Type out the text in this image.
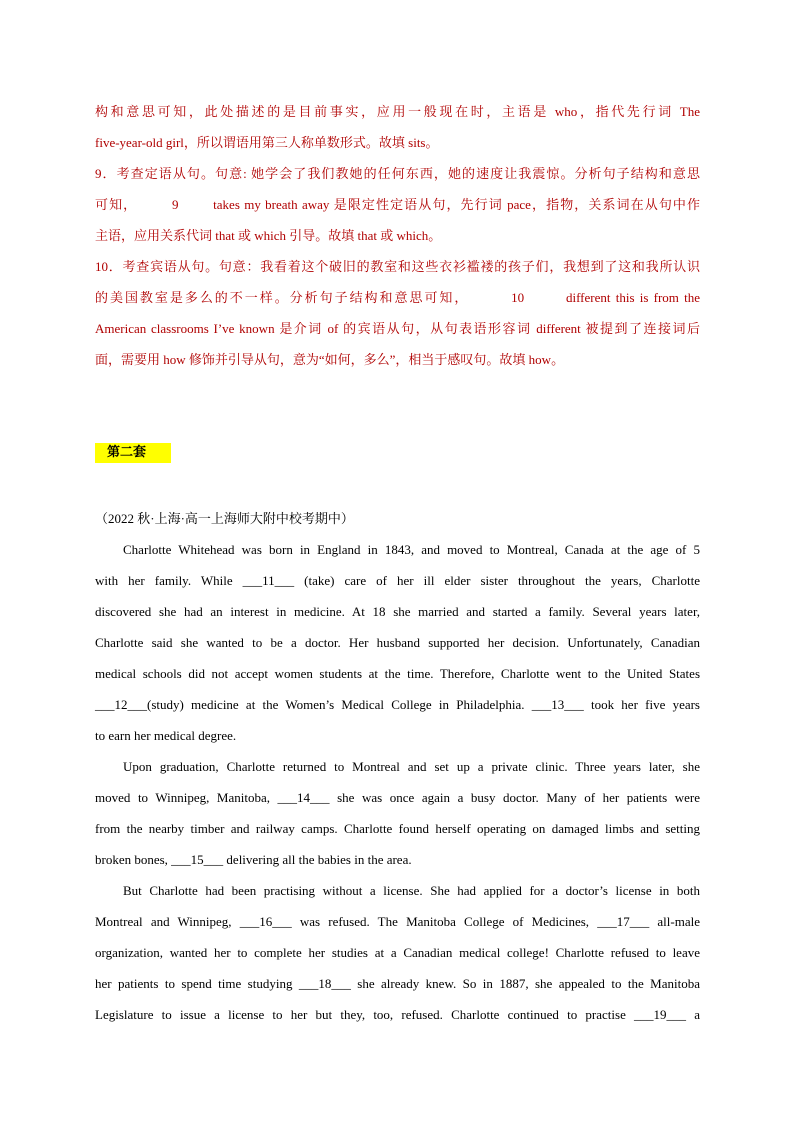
构和意思可知，此处描述的是目前事实，应用一般现在时，主语是 who，指代先行词 The
five-year-old girl，所以谓语用第三人称单数形式。故填 sits。
9．考查定语从句。句意: 她学会了我们教她的任何东西，她的速度让我震惊。分析句子结构和意思
可知，        9        takes my breath away 是限定性定语从句，先行词 pace，指物，关系词在从句中作
主语，应用关系代词 that 或 which 引导。故填 that 或 which。
10．考查宾语从句。句意：我看着这个破旧的教室和这些衣衫褴褛的孩子们，我想到了这和我所认识
的美国教室是多么的不一样。分析句子结构和意思可知，        10        different this is from the
American classrooms I’ve known 是介词 of 的宾语从句，从句表语形容词 different 被提到了连接词后
面，需要用 how 修饰并引导从句，意为“如何，多么”，相当于感叹句。故填 how。
第二套
（2022 秋·上海·高一上海师大附中校考期中）
Charlotte Whitehead was born in England in 1843, and moved to Montreal, Canada at the age of 5
with her family. While ___11___ (take) care of her ill elder sister throughout the years, Charlotte
discovered she had an interest in medicine. At 18 she married and started a family. Several years later,
Charlotte said she wanted to be a doctor. Her husband supported her decision. Unfortunately, Canadian
medical schools did not accept women students at the time. Therefore, Charlotte went to the United States
___12___(study) medicine at the Women’s Medical College in Philadelphia. ___13___ took her five years
to earn her medical degree.
Upon graduation, Charlotte returned to Montreal and set up a private clinic. Three years later, she
moved to Winnipeg, Manitoba, ___14___ she was once again a busy doctor. Many of her patients were
from the nearby timber and railway camps. Charlotte found herself operating on damaged limbs and setting
broken bones, ___15___ delivering all the babies in the area.
But Charlotte had been practising without a license. She had applied for a doctor’s license in both
Montreal and Winnipeg, ___16___ was refused. The Manitoba College of Medicines, ___17___ all-male
organization, wanted her to complete her studies at a Canadian medical college! Charlotte refused to leave
her patients to spend time studying ___18___ she already knew. So in 1887, she appealed to the Manitoba
Legislature to issue a license to her but they, too, refused. Charlotte continued to practise ___19___ a
